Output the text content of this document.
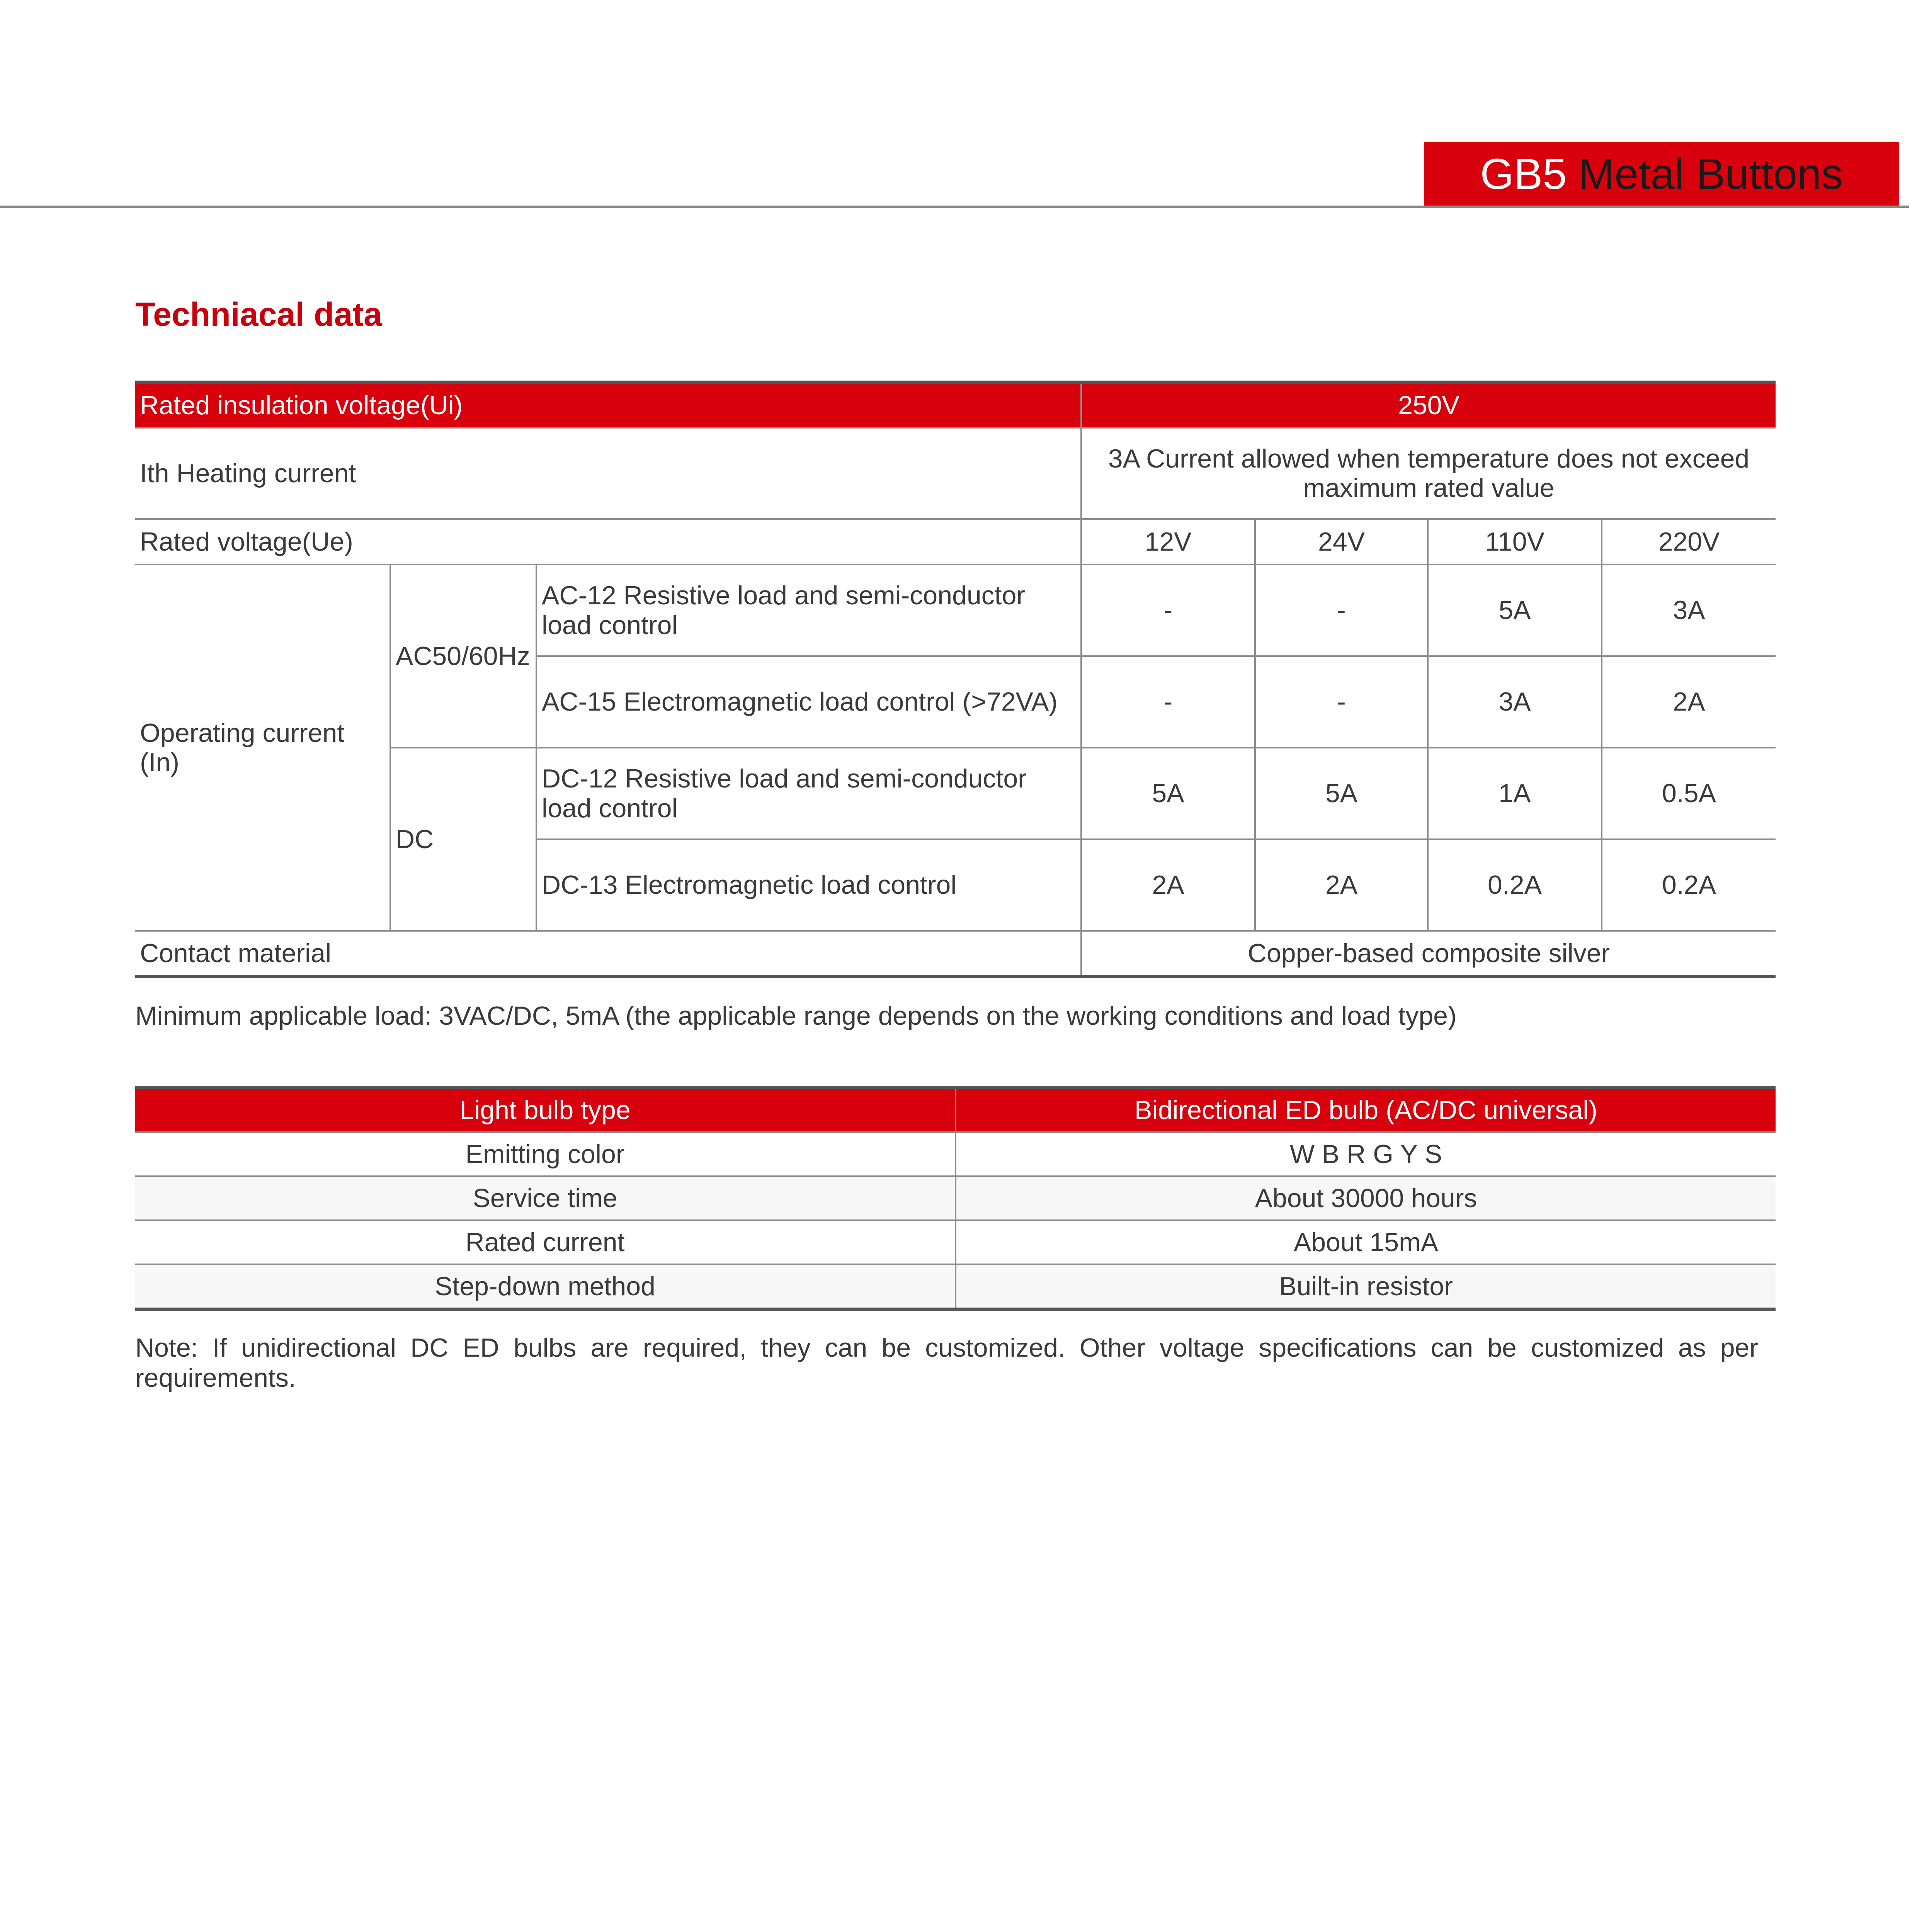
GB5 Metal Buttons
Techniacal data
Rated insulation voltage(Ui)			250V			
Ith Heating current			3A Current allowed when temperature does not exceed maximum rated value			
Rated voltage(Ue)			12V	24V	110V	220V
Operating current (In)	AC50/60Hz	AC-12 Resistive load and semi-conductor load control	-	-	5A	3A
		AC-15 Electromagnetic load control (>72VA)	-	-	3A	2A
	DC	DC-12 Resistive load and semi-conductor load control	5A	5A	1A	0.5A
		DC-13 Electromagnetic load control	2A	2A	0.2A	0.2A
Contact material			Copper-based composite silver			
Minimum applicable load: 3VAC/DC, 5mA (the applicable range depends on the working conditions and load type)
Light bulb type	Bidirectional ED bulb (AC/DC universal)
Emitting color	W B R G Y S
Service time	About 30000 hours
Rated current	About 15mA
Step-down method	Built-in resistor
Note: If unidirectional DC ED bulbs are required, they can be customized. Other voltage specifications can be customized as per requirements.
